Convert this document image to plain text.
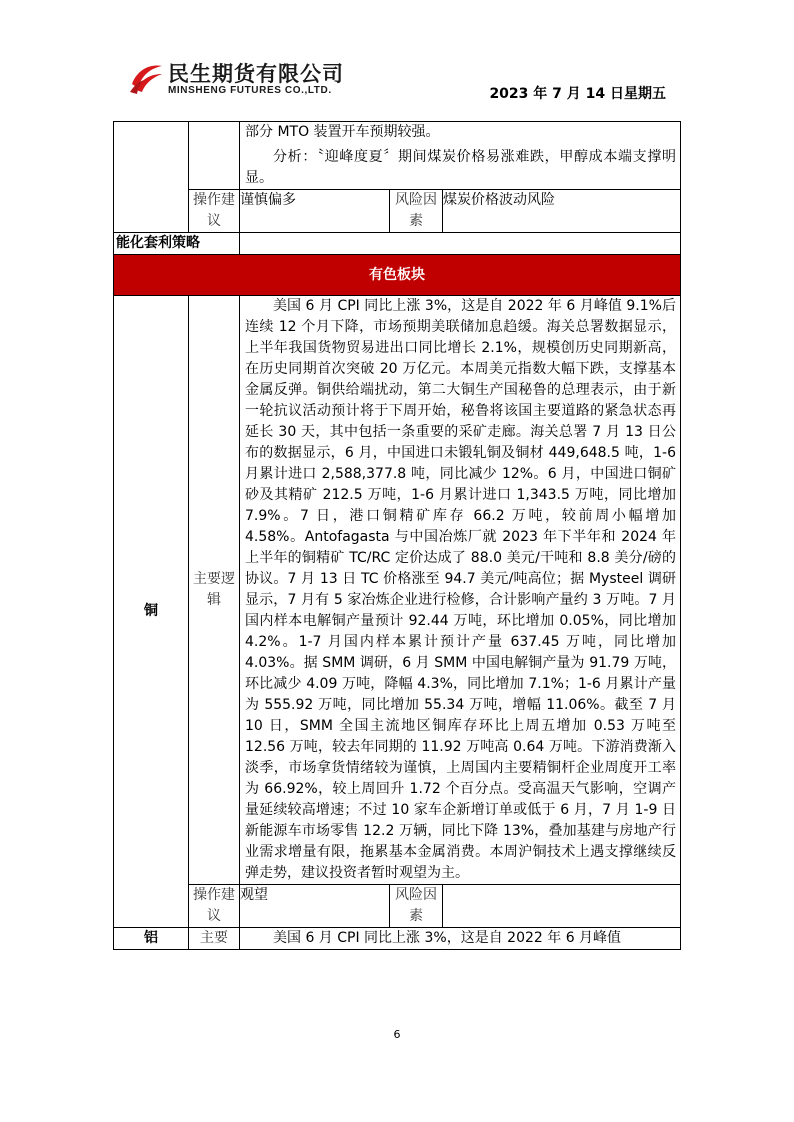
民生期货有限公司
MINSHENG FUTURES CO.,LTD.	2023 年 7 月 14 日星期五

		部分 MTO 装置开车预期较强。

分析：〝迎峰度夏〞期间煤炭价格易涨难跌，甲醇成本端支撑明显。		

	操作建议	谨慎偏多	风险因素	煤炭价格波动风险
能化套利策略				
有色板块				
铜	主要逻辑	美国 6 月 CPI 同比上涨 3%，这是自 2022 年 6 月峰值 9.1%后连续 12 个月下降，市场预期美联储加息趋缓。海关总署数据显示，上半年我国货物贸易进出口同比增长 2.1%，规模创历史同期新高，在历史同期首次突破 20 万亿元。本周美元指数大幅下跌，支撑基本金属反弹。铜供给端扰动，第二大铜生产国秘鲁的总理表示，由于新一轮抗议活动预计将于下周开始，秘鲁将该国主要道路的紧急状态再延长 30 天，其中包括一条重要的采矿走廊。海关总署 7 月 13 日公布的数据显示，6 月，中国进口未锻轧铜及铜材 449,648.5 吨，1-6 月累计进口 2,588,377.8 吨，同比减少 12%。6 月，中国进口铜矿砂及其精矿 212.5 万吨，1-6 月累计进口 1,343.5 万吨，同比增加 7.9%。7 日，港口铜精矿库存 66.2 万吨，较前周小幅增加 4.58%。Antofagasta 与中国冶炼厂就 2023 年下半年和 2024 年上半年的铜精矿 TC/RC 定价达成了 88.0 美元/干吨和 8.8 美分/磅的协议。7 月 13 日 TC 价格涨至 94.7 美元/吨高位；据 Mysteel 调研显示，7 月有 5 家冶炼企业进行检修，合计影响产量约 3 万吨。7 月国内样本电解铜产量预计 92.44 万吨，环比增加 0.05%，同比增加 4.2%。1-7 月国内样本累计预计产量 637.45 万吨，同比增加 4.03%。据 SMM 调研，6 月 SMM 中国电解铜产量为 91.79 万吨，环比减少 4.09 万吨，降幅 4.3%，同比增加 7.1%；1-6 月累计产量为 555.92 万吨，同比增加 55.34 万吨，增幅 11.06%。截至 7 月 10 日，SMM 全国主流地区铜库存环比上周五增加 0.53 万吨至 12.56 万吨，较去年同期的 11.92 万吨高 0.64 万吨。下游消费渐入淡季，市场拿货情绪较为谨慎，上周国内主要精铜杆企业周度开工率为 66.92%，较上周回升 1.72 个百分点。受高温天气影响，空调产量延续较高增速；不过 10 家车企新增订单或低于 6 月，7 月 1-9 日新能源车市场零售 12.2 万辆，同比下降 13%，叠加基建与房地产行业需求增量有限，拖累基本金属消费。本周沪铜技术上遇支撑继续反弹走势，建议投资者暂时观望为主。		

	操作建议	观望	风险因素	
铝	主要	美国 6 月 CPI 同比上涨 3%，这是自 2022 年 6 月峰值		

6
